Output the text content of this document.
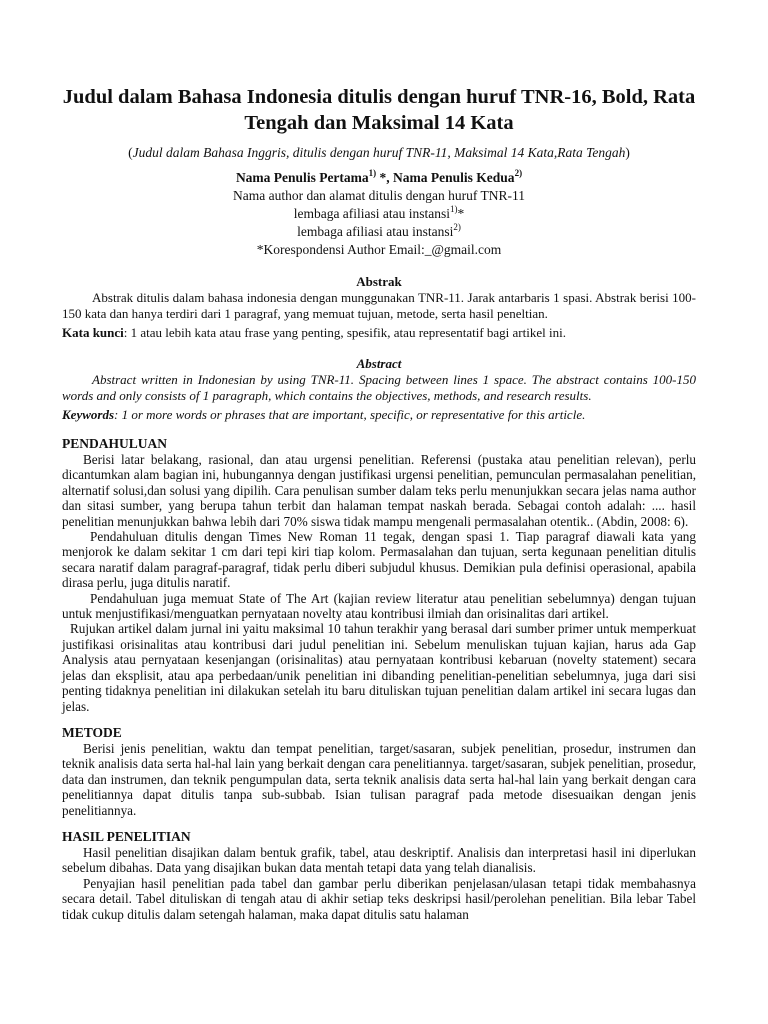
Judul dalam Bahasa Indonesia ditulis dengan huruf TNR-16, Bold, Rata Tengah dan Maksimal 14 Kata
(Judul dalam Bahasa Inggris, ditulis dengan huruf TNR-11, Maksimal 14 Kata,Rata Tengah)
Nama Penulis Pertama$^{1)}$ *, Nama Penulis Kedua$^{2)}$
Nama author dan alamat ditulis dengan huruf TNR-11
lembaga afiliasi atau instansi$^{1)}$*
lembaga afiliasi atau instansi$^{2)}$
*Korespondensi Author Email:_@gmail.com
Abstrak

Abstrak ditulis dalam bahasa indonesia dengan munggunakan TNR-11. Jarak antarbaris 1 spasi. Abstrak berisi 100-150 kata dan hanya terdiri dari 1 paragraf, yang memuat tujuan, metode, serta hasil peneltian.

Kata kunci: 1 atau lebih kata atau frase yang penting, spesifik, atau representatif bagi artikel ini.
Abstract

Abstract written in Indonesian by using TNR-11. Spacing between lines 1 space. The abstract contains 100-150 words and only consists of 1 paragraph, which contains the objectives, methods, and research results.

Keywords: 1 or more words or phrases that are important, specific, or representative for this article.
PENDAHULUAN

Berisi latar belakang, rasional, dan atau urgensi penelitian. Referensi (pustaka atau penelitian relevan), perlu dicantumkan alam bagian ini, hubungannya dengan justifikasi urgensi penelitian, pemunculan permasalahan penelitian, alternatif solusi,dan solusi yang dipilih. Cara penulisan sumber dalam teks perlu menunjukkan secara jelas nama author dan sitasi sumber, yang berupa tahun terbit dan halaman tempat naskah berada. Sebagai contoh adalah: .... hasil penelitian menunjukkan bahwa lebih dari 70% siswa tidak mampu mengenali permasalahan otentik.. (Abdin, 2008: 6).

Pendahuluan ditulis dengan Times New Roman 11 tegak, dengan spasi 1. Tiap paragraf diawali kata yang menjorok ke dalam sekitar 1 cm dari tepi kiri tiap kolom. Permasalahan dan tujuan, serta kegunaan penelitian ditulis secara naratif dalam paragraf-paragraf, tidak perlu diberi subjudul khusus. Demikian pula definisi operasional, apabila dirasa perlu, juga ditulis naratif.

Pendahuluan juga memuat State of The Art (kajian review literatur atau penelitian sebelumnya) dengan tujuan untuk menjustifikasi/menguatkan pernyataan novelty atau kontribusi ilmiah dan orisinalitas dari artikel.

Rujukan artikel dalam jurnal ini yaitu maksimal 10 tahun terakhir yang berasal dari sumber primer untuk memperkuat justifikasi orisinalitas atau kontribusi dari judul penelitian ini. Sebelum menuliskan tujuan kajian, harus ada Gap Analysis atau pernyataan kesenjangan (orisinalitas) atau pernyataan kontribusi kebaruan (novelty statement) secara jelas dan eksplisit, atau apa perbedaan/unik penelitian ini dibanding penelitian-penelitian sebelumnya, juga dari sisi penting tidaknya penelitian ini dilakukan setelah itu baru dituliskan tujuan penelitian dalam artikel ini secara lugas dan jelas.

METODE

Berisi jenis penelitian, waktu dan tempat penelitian, target/sasaran, subjek penelitian, prosedur, instrumen dan teknik analisis data serta hal-hal lain yang berkait dengan cara penelitiannya. target/sasaran, subjek penelitian, prosedur, data dan instrumen, dan teknik pengumpulan data, serta teknik analisis data serta hal-hal lain yang berkait dengan cara penelitiannya dapat ditulis tanpa sub-subbab. Isian tulisan paragraf pada metode disesuaikan dengan jenis penelitiannya.

HASIL PENELITIAN

Hasil penelitian disajikan dalam bentuk grafik, tabel, atau deskriptif. Analisis dan interpretasi hasil ini diperlukan sebelum dibahas. Data yang disajikan bukan data mentah tetapi data yang telah dianalisis.

Penyajian hasil penelitian pada tabel dan gambar perlu diberikan penjelasan/ulasan tetapi tidak membahasnya secara detail. Tabel dituliskan di tengah atau di akhir setiap teks deskripsi hasil/perolehan penelitian. Bila lebar Tabel tidak cukup ditulis dalam setengah halaman, maka dapat ditulis satu halaman
